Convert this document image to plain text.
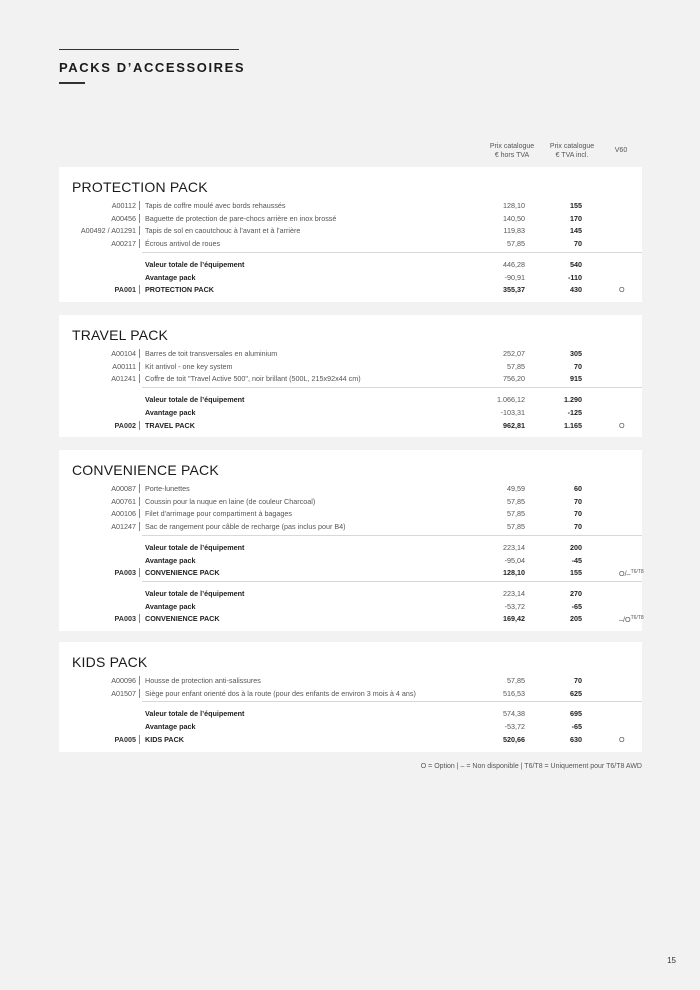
PACKS D’ACCESSOIRES
Prix catalogue
€ hors TVA
Prix catalogue
€ TVA incl.
V60
PROTECTION PACK
A00112 Tapis de coffre moulé avec bords rehaussés	128,10	155
A00456 Baguette de protection de pare-chocs arrière en inox brossé	140,50	170
A00492 / A01291 Tapis de sol en caoutchouc à l’avant et à l’arrière	119,83	145
A00217 Écrous antivol de roues	57,85	70
Valeur totale de l’équipement	446,28	540
Avantage pack	-90,91	-110
PA001 PROTECTION PACK	355,37	430	O
TRAVEL PACK
A00104 Barres de toit transversales en aluminium	252,07	305
A00111 Kit antivol - one key system	57,85	70
A01241 Coffre de toit "Travel Active 500", noir brillant (500L, 215x92x44 cm)	756,20	915
Valeur totale de l’équipement	1.066,12	1.290
Avantage pack	-103,31	-125
PA002 TRAVEL PACK	962,81	1.165	O
CONVENIENCE PACK
A00087 Porte-lunettes	49,59	60
A00761 Coussin pour la nuque en laine (de couleur Charcoal)	57,85	70
A00106 Filet d’arrimage pour compartiment à bagages	57,85	70
A01247 Sac de rangement pour câble de recharge (pas inclus pour B4)	57,85	70
Valeur totale de l’équipement	223,14	200
Avantage pack	-95,04	-45
PA003 CONVENIENCE PACK	128,10	155	O/–$^{T6/T8}$
Valeur totale de l’équipement	223,14	270
Avantage pack	-53,72	-65
PA003 CONVENIENCE PACK	169,42	205	$-/O^{T6/T8}$
KIDS PACK
A00096 Housse de protection anti-salissures	57,85	70
A01507 Siège pour enfant orienté dos à la route (pour des enfants de environ 3 mois à 4 ans)	516,53	625
Valeur totale de l’équipement	574,38	695
Avantage pack	-53,72	-65
PA005 KIDS PACK	520,66	630	O
O = Option | – = Non disponible | T6/T8 = Uniquement pour T6/T8 AWD
15
